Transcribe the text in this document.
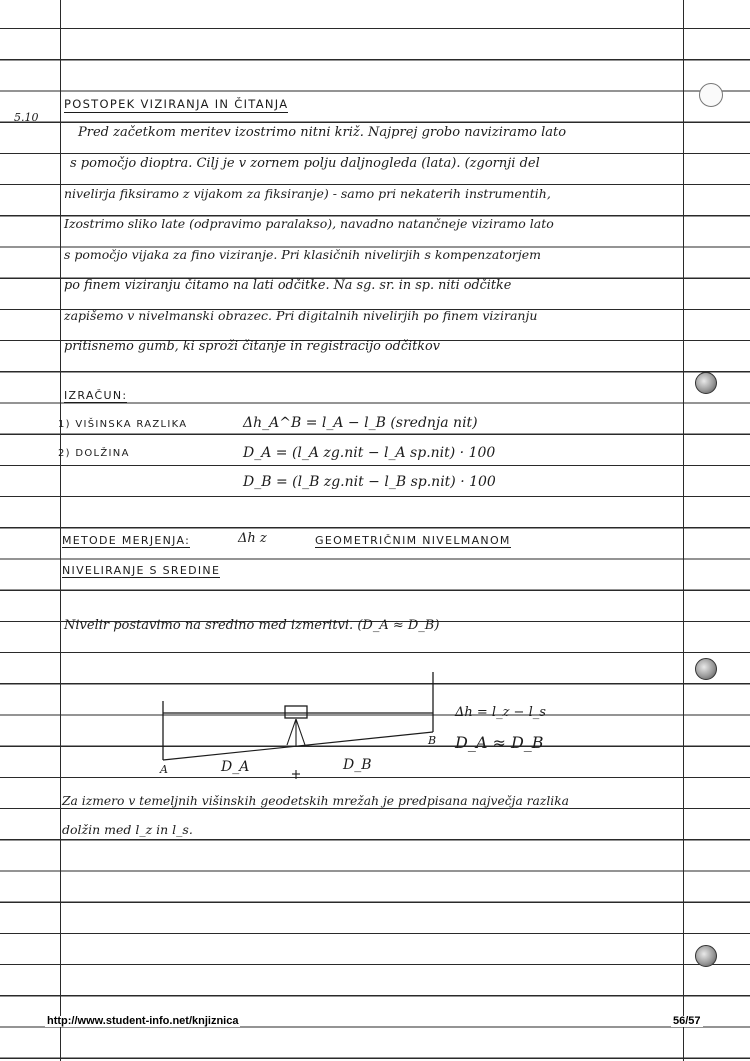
5.10
POSTOPEK VIZIRANJA IN ČITANJA
Pred začetkom meritev izostrimo nitni križ. Najprej grobo naviziramo lato
s pomočjo dioptra. Cilj je v zornem polju daljnogleda (lata). (zgornji del
nivelirja fiksiramo z vijakom za fiksiranje) - samo pri nekaterih instrumentih,
Izostrimo sliko late (odpravimo paralakso), navadno natančneje viziramo lato
s pomočjo vijaka za fino viziranje. Pri klasičnih nivelirjih s kompenzatorjem
po finem viziranju čitamo na lati odčitke. Na sg. sr. in sp. niti odčitke
zapišemo v nivelmanski obrazec. Pri digitalnih nivelirjih po finem viziranju
pritisnemo gumb, ki sproži čitanje in registracijo odčitkov
IZRAČUN:
1) VIŠINSKA RAZLIKA	Δh_A^B = l_A − l_B (srednja nit)
2) DOLŽINA	D_A = (l_A zg.nit − l_A sp.nit) · 100
D_B = (l_B zg.nit − l_B sp.nit) · 100
METODE MERJENJA:	Δh z	GEOMETRIČNIM NIVELMANOM
NIVELIRANJE S SREDINE
Nivelir postavimo na sredino med izmeritvi. (D_A ≈ D_B)
A
B
D_A	D_B
Δh = l_z − l_s
D_A ≈ D_B
Za izmero v temeljnih višinskih geodetskih mrežah je predpisana največja razlika
dolžin med l_z in l_s.
http://www.student-info.net/knjiznica	56/57
